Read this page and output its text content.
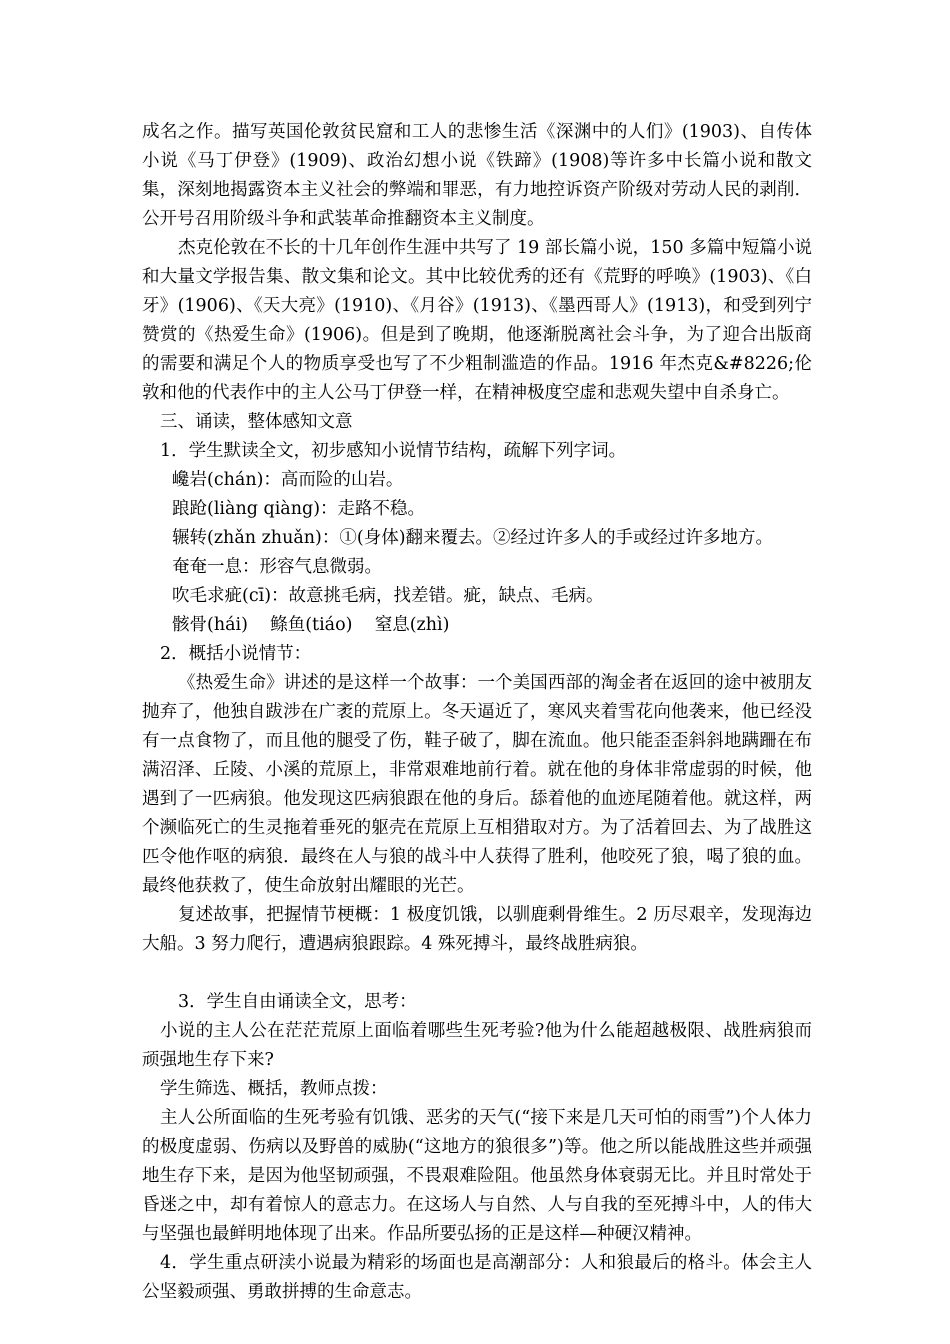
成名之作。描写英国伦敦贫民窟和工人的悲惨生活《深渊中的人们》(1903)、自传体小说《马丁伊登》(1909)、政治幻想小说《铁蹄》(1908)等许多中长篇小说和散文集，深刻地揭露资本主义社会的弊端和罪恶，有力地控诉资产阶级对劳动人民的剥削．公开号召用阶级斗争和武装革命推翻资本主义制度。

杰克伦敦在不长的十几年创作生涯中共写了 19 部长篇小说，150 多篇中短篇小说和大量文学报告集、散文集和论文。其中比较优秀的还有《荒野的呼唤》(1903)、《白牙》(1906)、《天大亮》(1910)、《月谷》(1913)、《墨西哥人》(1913)，和受到列宁赞赏的《热爱生命》(1906)。但是到了晚期，他逐渐脱离社会斗争，为了迎合出版商的需要和满足个人的物质享受也写了不少粗制滥造的作品。1916 年杰克&#8226;伦敦和他的代表作中的主人公马丁伊登一样，在精神极度空虚和悲观失望中自杀身亡。

三、诵读，整体感知文意

1．学生默读全文，初步感知小说情节结构，疏解下列字词。

巉岩(chán)：高而险的山岩。

踉跄(liàng qiàng)：走路不稳。

辗转(zhǎn zhuǎn)：①(身体)翻来覆去。②经过许多人的手或经过许多地方。

奄奄一息：形容气息微弱。

吹毛求疵(cī)：故意挑毛病，找差错。疵，缺点、毛病。

骸骨(hái)    鲦鱼(tiáo)    窒息(zhì)

2．概括小说情节：

《热爱生命》讲述的是这样一个故事：一个美国西部的淘金者在返回的途中被朋友抛弃了，他独自跋涉在广袤的荒原上。冬天逼近了，寒风夹着雪花向他袭来，他已经没有一点食物了，而且他的腿受了伤，鞋子破了，脚在流血。他只能歪歪斜斜地蹒跚在布满沼泽、丘陵、小溪的荒原上，非常艰难地前行着。就在他的身体非常虚弱的时候，他遇到了一匹病狼。他发现这匹病狼跟在他的身后。舔着他的血迹尾随着他。就这样，两个濒临死亡的生灵拖着垂死的躯壳在荒原上互相猎取对方。为了活着回去、为了战胜这匹令他作呕的病狼．最终在人与狼的战斗中人获得了胜利，他咬死了狼，喝了狼的血。最终他获救了，使生命放射出耀眼的光芒。

复述故事，把握情节梗概：1 极度饥饿，以驯鹿剩骨维生。2 历尽艰辛，发现海边大船。3 努力爬行，遭遇病狼跟踪。4 殊死搏斗，最终战胜病狼。

3．学生自由诵读全文，思考：

小说的主人公在茫茫荒原上面临着哪些生死考验?他为什么能超越极限、战胜病狼而顽强地生存下来?

学生筛选、概括，教师点拨：

主人公所面临的生死考验有饥饿、恶劣的天气(“接下来是几天可怕的雨雪”)个人体力的极度虚弱、伤病以及野兽的威胁(“这地方的狼很多”)等。他之所以能战胜这些并顽强地生存下来，是因为他坚韧顽强，不畏艰难险阻。他虽然身体衰弱无比。并且时常处于昏迷之中，却有着惊人的意志力。在这场人与自然、人与自我的至死搏斗中，人的伟大与坚强也最鲜明地体现了出来。作品所要弘扬的正是这样—种硬汉精神。

4．学生重点研渎小说最为精彩的场面也是高潮部分：人和狼最后的格斗。体会主人公坚毅顽强、勇敢拼搏的生命意志。
